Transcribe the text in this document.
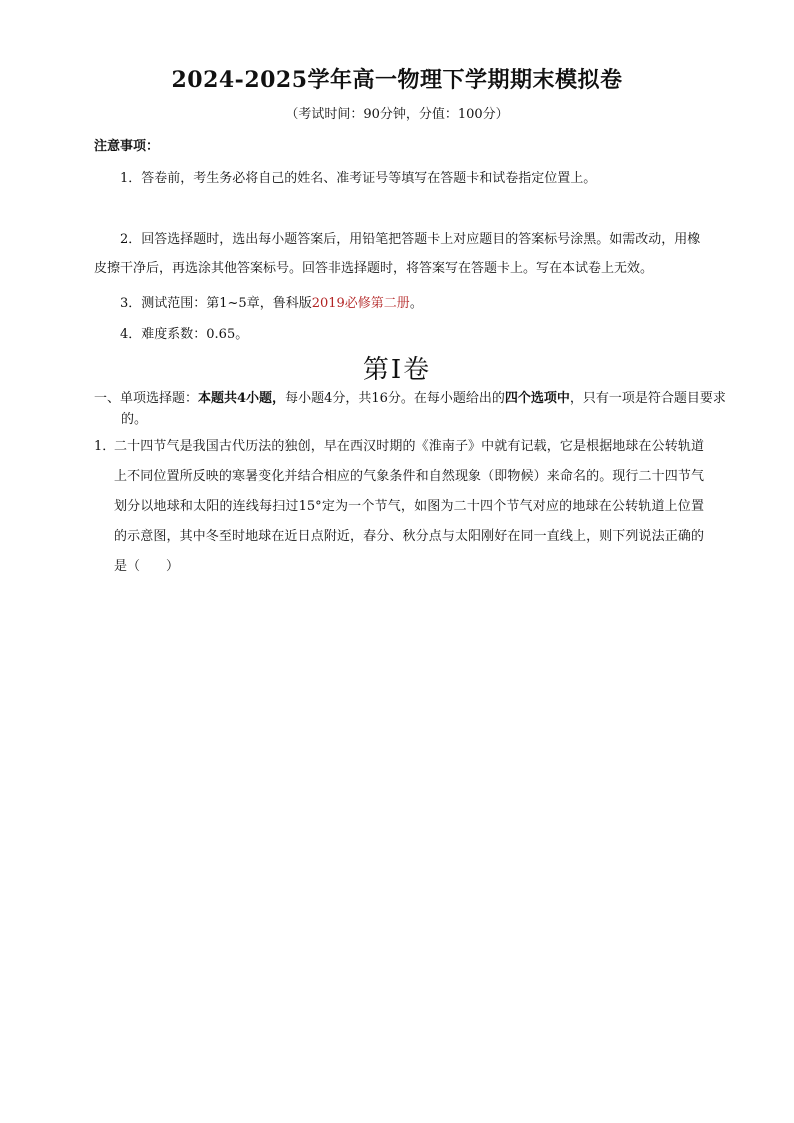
2024-2025学年高一物理下学期期末模拟卷
（考试时间：90分钟，分值：100分）
注意事项：
1．答卷前，考生务必将自己的姓名、准考证号等填写在答题卡和试卷指定位置上。
2．回答选择题时，选出每小题答案后，用铅笔把答题卡上对应题目的答案标号涂黑。如需改动，用橡皮擦干净后，再选涂其他答案标号。回答非选择题时，将答案写在答题卡上。写在本试卷上无效。
3．测试范围：第1~5章，鲁科版2019必修第二册。
4．难度系数：0.65。
第Ⅰ卷
一、单项选择题：本题共4小题，每小题4分，共16分。在每小题给出的四个选项中，只有一项是符合题目要求的。
1．
二十四节气是我国古代历法的独创，早在西汉时期的《淮南子》中就有记载，它是根据地球在公转轨道上不同位置所反映的寒暑变化并结合相应的气象条件和自然现象（即物候）来命名的。现行二十四节气划分以地球和太阳的连线每扫过15°定为一个节气，如图为二十四个节气对应的地球在公转轨道上位置的示意图，其中冬至时地球在近日点附近，春分、秋分点与太阳刚好在同一直线上，则下列说法正确的是（　　）
